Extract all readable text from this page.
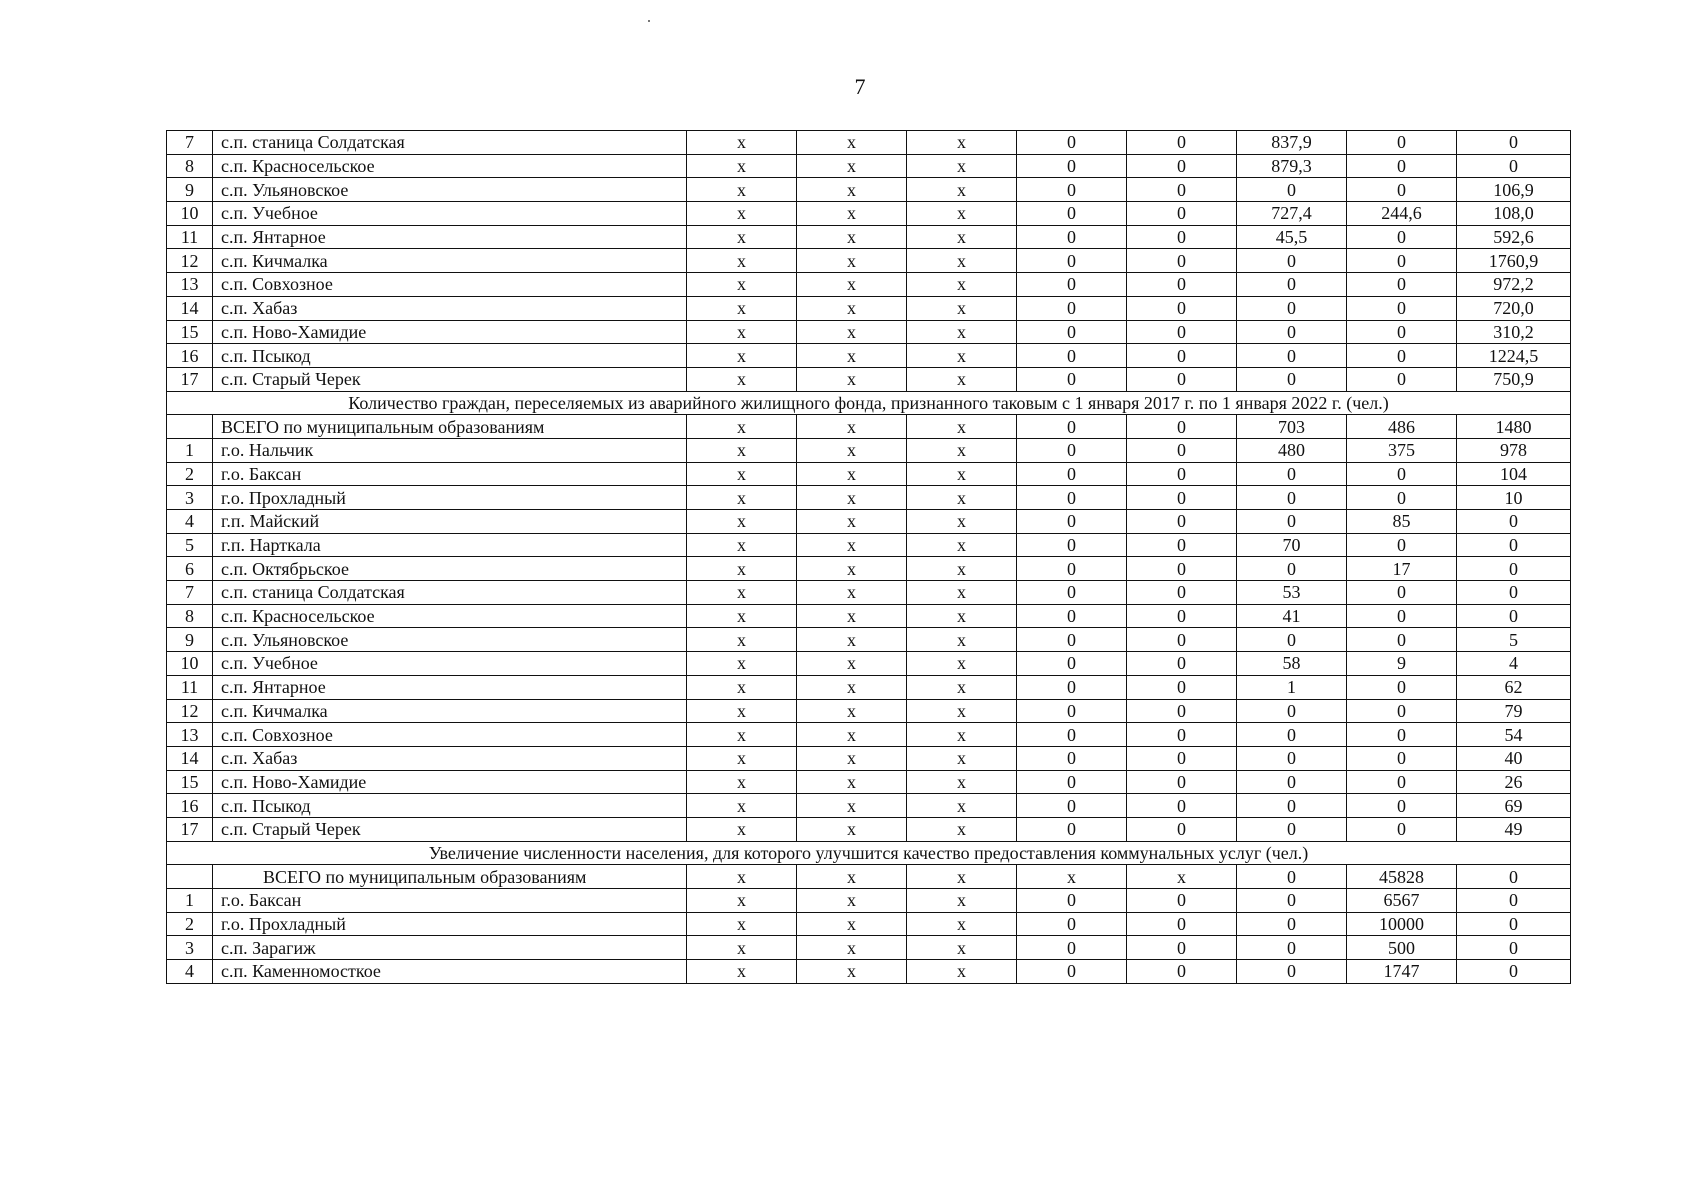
7
7	с.п. станица Солдатская	х	х	х	0	0	837,9	0	0
8	с.п. Красносельское	х	х	х	0	0	879,3	0	0
9	с.п. Ульяновское	х	х	х	0	0	0	0	106,9
10	с.п. Учебное	х	х	х	0	0	727,4	244,6	108,0
11	с.п. Янтарное	х	х	х	0	0	45,5	0	592,6
12	с.п. Кичмалка	х	х	х	0	0	0	0	1760,9
13	с.п. Совхозное	х	х	х	0	0	0	0	972,2
14	с.п. Хабаз	х	х	х	0	0	0	0	720,0
15	с.п. Ново-Хамидие	х	х	х	0	0	0	0	310,2
16	с.п. Псыкод	х	х	х	0	0	0	0	1224,5
17	с.п. Старый Черек	х	х	х	0	0	0	0	750,9
Количество граждан, переселяемых из аварийного жилищного фонда, признанного таковым с 1 января 2017 г. по 1 января 2022 г. (чел.)									
	ВСЕГО по муниципальным образованиям	х	х	х	0	0	703	486	1480
1	г.о. Нальчик	х	х	х	0	0	480	375	978
2	г.о. Баксан	х	х	х	0	0	0	0	104
3	г.о. Прохладный	х	х	х	0	0	0	0	10
4	г.п. Майский	х	х	х	0	0	0	85	0
5	г.п. Нарткала	х	х	х	0	0	70	0	0
6	с.п. Октябрьское	х	х	х	0	0	0	17	0
7	с.п. станица Солдатская	х	х	х	0	0	53	0	0
8	с.п. Красносельское	х	х	х	0	0	41	0	0
9	с.п. Ульяновское	х	х	х	0	0	0	0	5
10	с.п. Учебное	х	х	х	0	0	58	9	4
11	с.п. Янтарное	х	х	х	0	0	1	0	62
12	с.п. Кичмалка	х	х	х	0	0	0	0	79
13	с.п. Совхозное	х	х	х	0	0	0	0	54
14	с.п. Хабаз	х	х	х	0	0	0	0	40
15	с.п. Ново-Хамидие	х	х	х	0	0	0	0	26
16	с.п. Псыкод	х	х	х	0	0	0	0	69
17	с.п. Старый Черек	х	х	х	0	0	0	0	49
Увеличение численности населения, для которого улучшится качество предоставления коммунальных услуг (чел.)									
	ВСЕГО по муниципальным образованиям	х	х	х	х	х	0	45828	0
1	г.о. Баксан	х	х	х	0	0	0	6567	0
2	г.о. Прохладный	х	х	х	0	0	0	10000	0
3	с.п. Зарагиж	х	х	х	0	0	0	500	0
4	с.п. Каменномосткое	х	х	х	0	0	0	1747	0
